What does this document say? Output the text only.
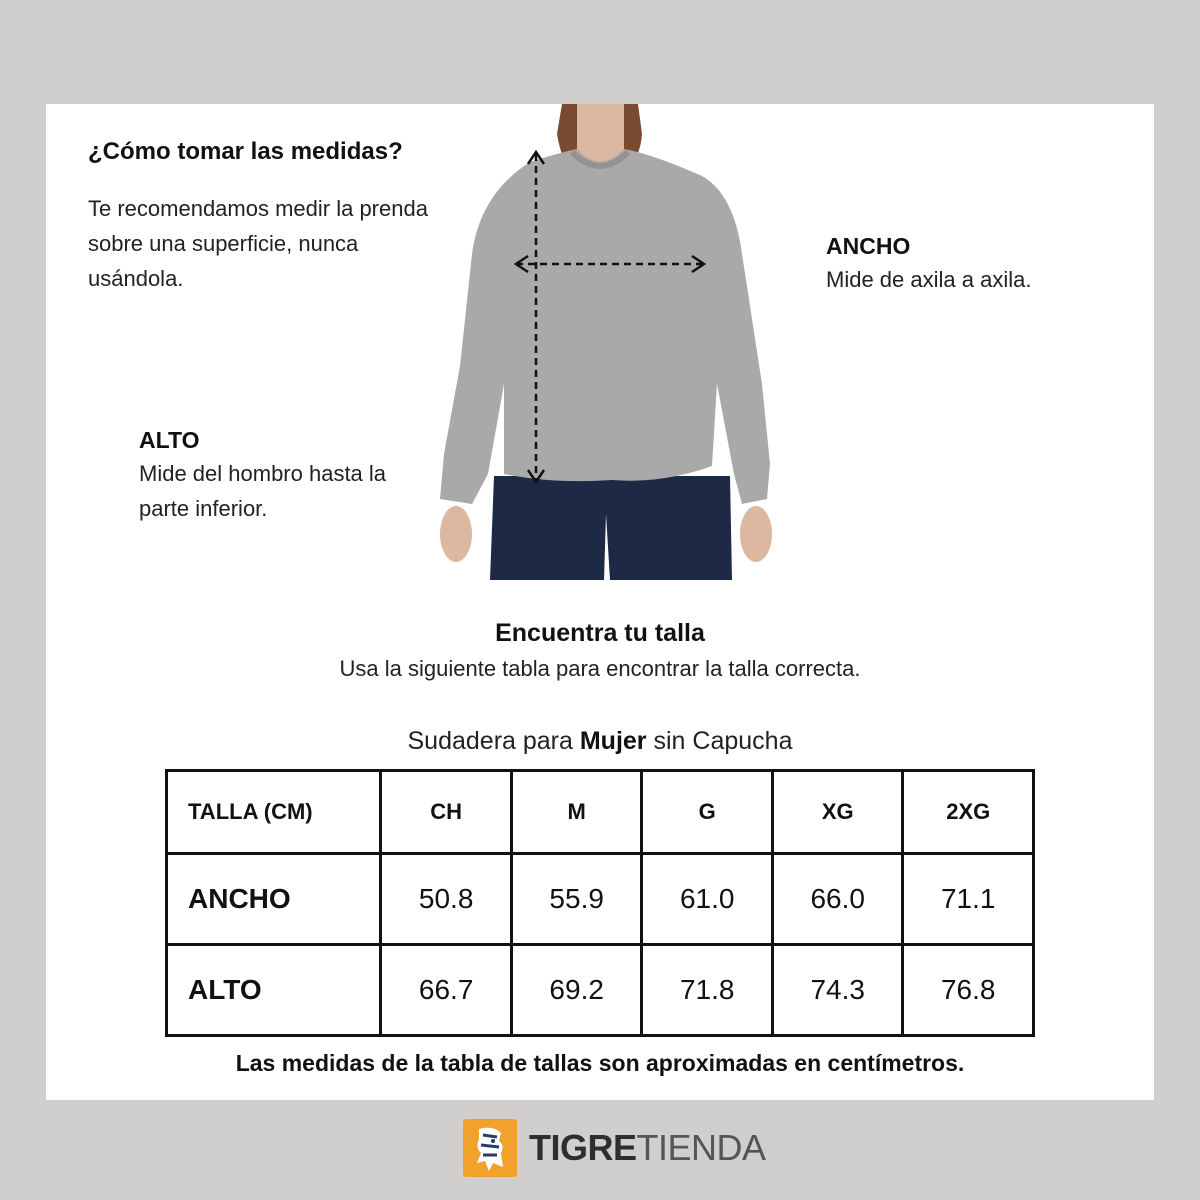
¿Cómo tomar las medidas?

Te recomendamos medir la prenda sobre una superficie, nunca usándola.

ANCHO
Mide de axila a axila.
ALTO
Mide del hombro hasta la parte inferior.
Encuentra tu talla

Usa la siguiente tabla para encontrar la talla correcta.

Sudadera para Mujer sin Capucha

TALLA (CM)	CH	M	G	XG	2XG
ANCHO	50.8	55.9	61.0	66.0	71.1
ALTO	66.7	69.2	71.8	74.3	76.8

Las medidas de la tabla de tallas son aproximadas en centímetros.

TIGRETIENDA
